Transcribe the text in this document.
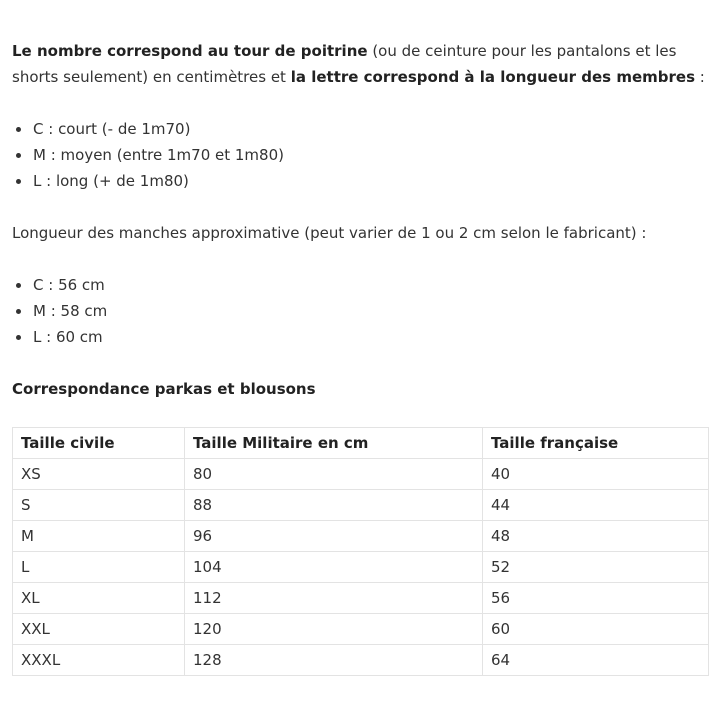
Le nombre correspond au tour de poitrine (ou de ceinture pour les pantalons et les shorts seulement) en centimètres et la lettre correspond à la longueur des membres :

C : court (- de 1m70)
M : moyen (entre 1m70 et 1m80)
L : long (+ de 1m80)

Longueur des manches approximative (peut varier de 1 ou 2 cm selon le fabricant) :

C : 56 cm
M : 58 cm
L : 60 cm
Correspondance parkas et blousons
Taille civile	Taille Militaire en cm	Taille française
XS	80	40
S	88	44
M	96	48
L	104	52
XL	112	56
XXL	120	60
XXXL	128	64
